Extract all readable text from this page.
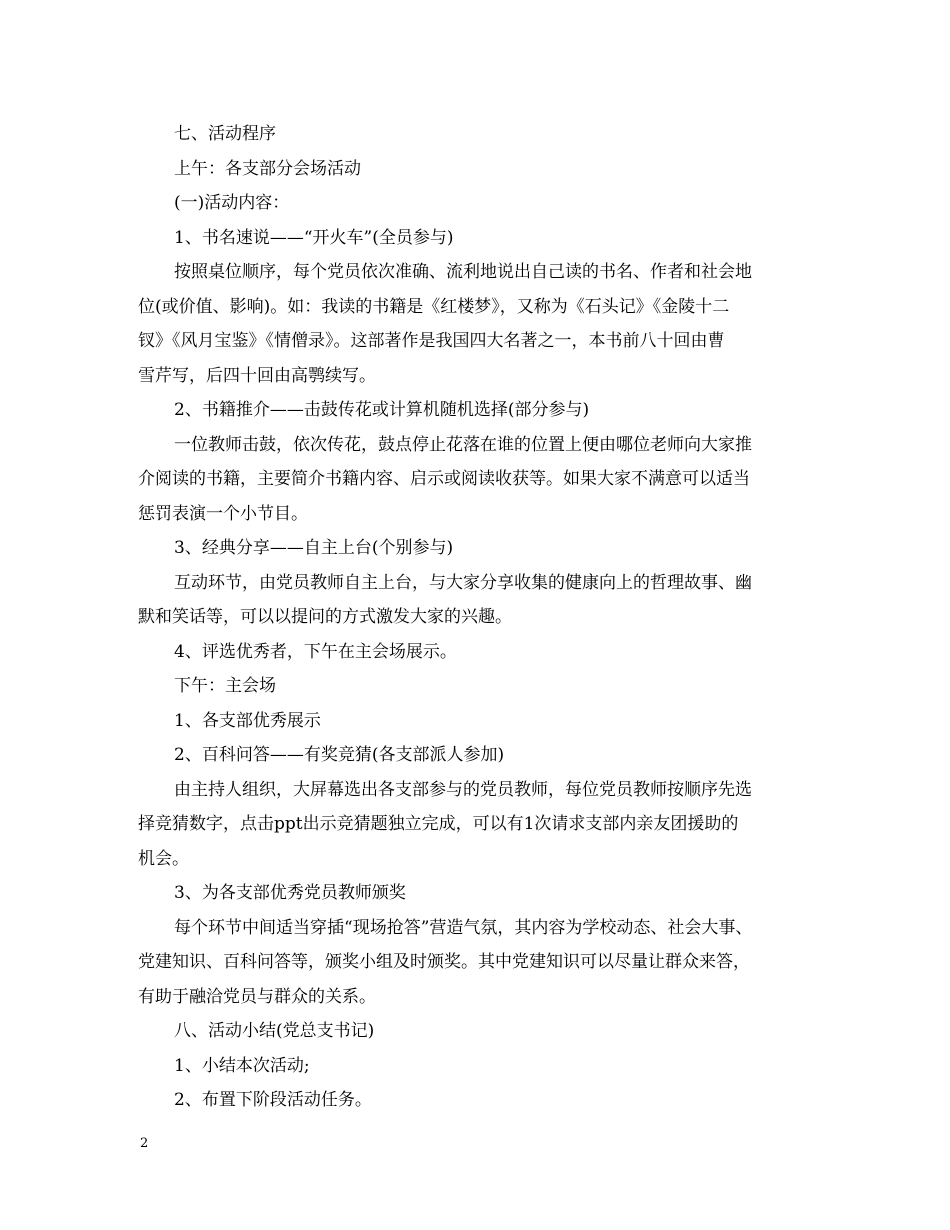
七、活动程序
上午：各支部分会场活动
(一)活动内容：
1、书名速说——“开火车”(全员参与)
按照桌位顺序，每个党员依次准确、流利地说出自己读的书名、作者和社会地
位(或价值、影响)。如：我读的书籍是《红楼梦》，又称为《石头记》《金陵十二
钗》《风月宝鉴》《情僧录》。这部著作是我国四大名著之一，本书前八十回由曹
雪芹写，后四十回由高鹗续写。
2、书籍推介——击鼓传花或计算机随机选择(部分参与)
一位教师击鼓，依次传花，鼓点停止花落在谁的位置上便由哪位老师向大家推
介阅读的书籍，主要简介书籍内容、启示或阅读收获等。如果大家不满意可以适当
惩罚表演一个小节目。
3、经典分享——自主上台(个别参与)
互动环节，由党员教师自主上台，与大家分享收集的健康向上的哲理故事、幽
默和笑话等，可以以提问的方式激发大家的兴趣。
4、评选优秀者，下午在主会场展示。
下午：主会场
1、各支部优秀展示
2、百科问答——有奖竞猜(各支部派人参加)
由主持人组织，大屏幕选出各支部参与的党员教师，每位党员教师按顺序先选
择竞猜数字，点击ppt出示竞猜题独立完成，可以有1次请求支部内亲友团援助的
机会。
3、为各支部优秀党员教师颁奖
每个环节中间适当穿插“现场抢答”营造气氛，其内容为学校动态、社会大事、
党建知识、百科问答等，颁奖小组及时颁奖。其中党建知识可以尽量让群众来答，
有助于融洽党员与群众的关系。
八、活动小结(党总支书记)
1、小结本次活动;
2、布置下阶段活动任务。
2
